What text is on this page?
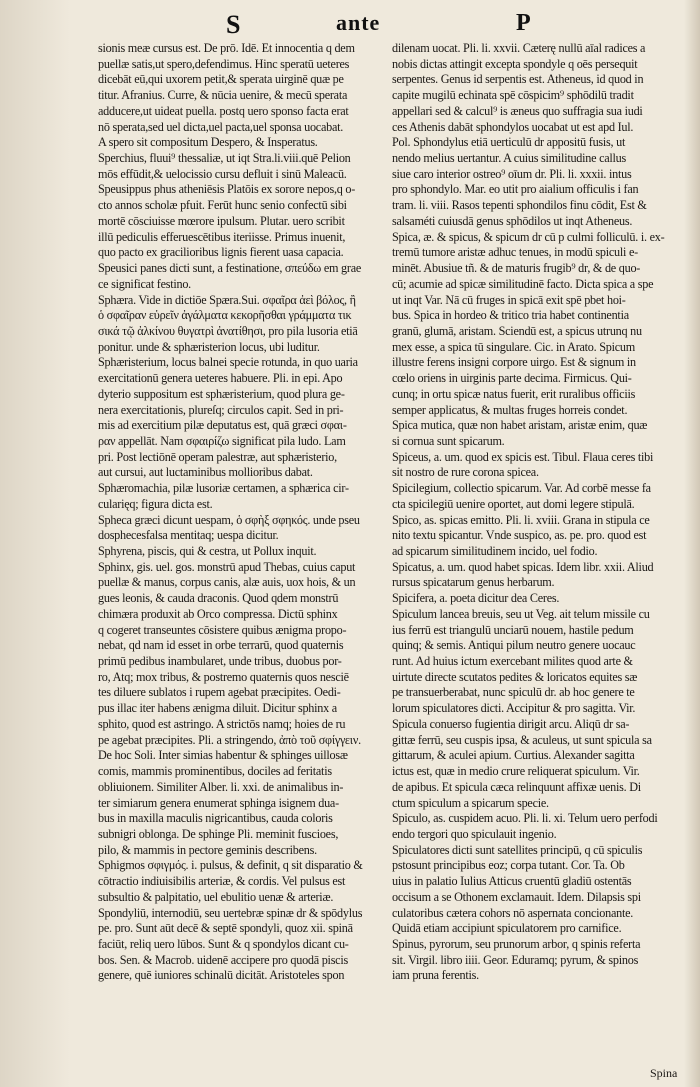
S	ante	P
sionis meæ cursus est. De prō. Idē. Et innocentia q dem
puellæ satis,ut spero,defendimus. Hinc speratū ueteres
dicebāt eū,qui uxorem petit,& sperata uirginē quæ pe
titur. Afranius. Curre, & nūcia uenire, & mecū sperata
adducere,ut uideat puella. postq uero sponso facta erat
nō sperata,sed uel dicta,uel pacta,uel sponsa uocabat.
A spero sit compositum Despero, & Insperatus.
Sperchius, fluui⁹ thessaliæ, ut iqt Stra.li.viii.quē Pelion
mōs effūdit,& uelocissio cursu defluit i sinū Maleacū.
Speusippus phus atheniēsis Platōis ex sorore nepos,q o-
cto annos scholæ pfuit. Ferūt hunc senio confectū sibi
mortē cōsciuisse mœrore ipulsum. Plutar. uero scribit
illū pediculis efferuescētibus iteriisse. Primus inuenit,
quo pacto ex gracilioribus lignis fierent uasa capacia.
Speusici panes dicti sunt, a festinatione, σπεύδω em grae
ce significat festino.
Sphæra. Vide in dictiōe Spæra.Sui. σφαῖρα ἀεὶ βόλος, ἢ
ὁ σφαῖραν εὑρεῖν ἀγάλματα κεκορῆσθαι γράμματα τικ
σικά τῷ ἀλκίνου θυγατρὶ ἀνατίθησι, pro pila lusoria etiā
ponitur. unde & sphæristerion locus, ubi luditur.
Sphæristerium, locus balnei specie rotunda, in quo uaria
exercitationū genera ueteres habuere. Pli. in epi. Apo
dyterio suppositum est sphæristerium, quod plura ge-
nera exercitationis, plureſq; circulos capit. Sed in pri-
mis ad exercitium pilæ deputatus est, quā græci σφαι-
ραν appellāt. Nam σφαιρίζω significat pila ludo. Lam
pri. Post lectiōnē operam palestræ, aut sphæristerio,
aut cursui, aut luctaminibus mollioribus dabat.
Sphæromachia, pilæ lusoriæ certamen, a sphærica cir-
cularięq; figura dicta est.
Spheca græci dicunt uespam, ὁ σφὴξ σφηκός. unde pseu
dosphecesfalsa mentitaq; uespa dicitur.
Sphyrena, piscis, qui & cestra, ut Pollux inquit.
Sphinx, gis. uel. gos. monstrū apud Thebas, cuius caput
puellæ & manus, corpus canis, alæ auis, uox hois, & un
gues leonis, & cauda draconis. Quod qdem monstrū
chimæra produxit ab Orco compressa. Dictū sphinx
q cogeret transeuntes cōsistere quibus ænigma propo-
nebat, qd nam id esset in orbe terrarū, quod quaternis
primū pedibus inambularet, unde tribus, duobus por-
ro, Atq; mox tribus, & postremo quaternis quos nesciē
tes diluere sublatos i rupem agebat præcipites. Oedi-
pus illac iter habens ænigma diluit. Dicitur sphinx a
sphito, quod est astringo. A strictōs namq; hoies de ru
pe agebat præcipites. Pli. a stringendo, ἀπὸ τοῦ σφίγγειν.
De hoc Soli. Inter simias habentur & sphinges uillosæ
comis, mammis prominentibus, dociles ad feritatis
obliuionem. Similiter Alber. li. xxi. de animalibus in-
ter simiarum genera enumerat sphinga isignem dua-
bus in maxilla maculis nigricantibus, cauda coloris
subnigri oblonga. De sphinge Pli. meminit fuscioes,
pilo, & mammis in pectore geminis describens.
Sphigmos σφιγμός. i. pulsus, & definit, q sit disparatio &
cōtractio indiuisibilis arteriæ, & cordis. Vel pulsus est
subsultio & palpitatio, uel ebulitio uenæ & arteriæ.
Spondyliū, internodiū, seu uertebræ spinæ dr & spōdylus
pe. pro. Sunt aūt decē & septē spondyli, quoz xii. spinā
faciūt, reliq uero lūbos. Sunt & q spondylos dicant cu-
bos. Sen. & Macrob. uidenē accipere pro quodā piscis
genere, quē iuniores schinalū dicitāt. Aristoteles spon
dilenam uocat. Pli. li. xxvii. Cæterę nullū aīal radices a
nobis dictas attingit excepta spondyle q oēs persequit
serpentes. Genus id serpentis est. Atheneus, id quod in
capite mugilū echinata spē cōspicim⁹ sphōdilū tradit
appellari sed & calcul⁹ is æneus quo suffragia sua iudi
ces Athenis dabāt sphondylos uocabat ut est apd Iul.
Pol. Sphondylus etiā uerticulū dr appositū fusis, ut
nendo melius uertantur. A cuius similitudine callus
siue caro interior ostreo⁹ oīum dr. Pli. li. xxxii. intus
pro sphondylo. Mar. eo utit pro aialium officulis i fan
tram. li. viii. Rasos tepenti sphondilos finu cōdit, Est &
salsaméti cuiusdā genus sphōdilos ut inqt Atheneus.
Spica, æ. & spicus, & spicum dr cū p culmi folliculū. i. ex-
tremū tumore aristæ adhuc tenues, in modū spiculi e-
minēt. Abusiue tñ. & de maturis frugib⁹ dr, & de quo-
cū; acumie ad spicæ similitudinē facto. Dicta spica a spe
ut inqt Var. Nā cū fruges in spicā exit spē pbet hoi-
bus. Spica in hordeo & tritico tria habet continentia
granū, glumā, aristam. Sciendū est, a spicus utrunq nu
mex esse, a spica tū singulare. Cic. in Arato. Spicum
illustre ferens insigni corpore uirgo. Est & signum in
cœlo oriens in uirginis parte decima. Firmicus. Qui-
cunq; in ortu spicæ natus fuerit, erit ruralibus officiis
semper applicatus, & multas fruges horreis condet.
Spica mutica, quæ non habet aristam, aristæ enim, quæ
si cornua sunt spicarum.
Spiceus, a. um. quod ex spicis est. Tibul. Flaua ceres tibi
sit nostro de rure corona spicea.
Spicilegium, collectio spicarum. Var. Ad corbē messe fa
cta spicilegiū uenire oportet, aut domi legere stipulā.
Spico, as. spicas emitto. Pli. li. xviii. Grana in stipula ce
nito textu spicantur. Vnde suspico, as. pe. pro. quod est
ad spicarum similitudinem incido, uel fodio.
Spicatus, a. um. quod habet spicas. Idem libr. xxii. Aliud
rursus spicatarum genus herbarum.
Spicifera, a. poeta dicitur dea Ceres.
Spiculum lancea breuis, seu ut Veg. ait telum missile cu
ius ferrū est triangulū unciarū nouem, hastile pedum
quinq; & semis. Antiqui pilum neutro genere uocauc
runt. Ad huius ictum exercebant milites quod arte &
uirtute directe scutatos pedites & loricatos equites sæ
pe transuerberabat, nunc spiculū dr. ab hoc genere te
lorum spiculatores dicti. Accipitur & pro sagitta. Vir.
Spicula conuerso fugientia dirigit arcu. Aliqū dr sa-
gittæ ferrū, seu cuspis ipsa, & aculeus, ut sunt spicula sa
gittarum, & aculei apium. Curtius. Alexander sagitta
ictus est, quæ in medio crure reliquerat spiculum. Vir.
de apibus. Et spicula cæca relinquunt affixæ uenis. Di
ctum spiculum a spicarum specie.
Spiculo, as. cuspidem acuo. Pli. li. xi. Telum uero perfodi
endo tergori quo spiculauit ingenio.
Spiculatores dicti sunt satellites principū, q cū spiculis
pstosunt principibus eoz; corpa tutant. Cor. Ta. Ob
uius in palatio Iulius Atticus cruentū gladiū ostentās
occisum a se Othonem exclamauit. Idem. Dilapsis spi
culatoribus cætera cohors nō aspernata concionante.
Quidā etiam accipiunt spiculatorem pro carnifice.
Spinus, pyrorum, seu prunorum arbor, q spinis referta
sit. Virgil. libro iiii. Geor. Eduramq; pyrum, & spinos
iam pruna ferentis.
Spina
